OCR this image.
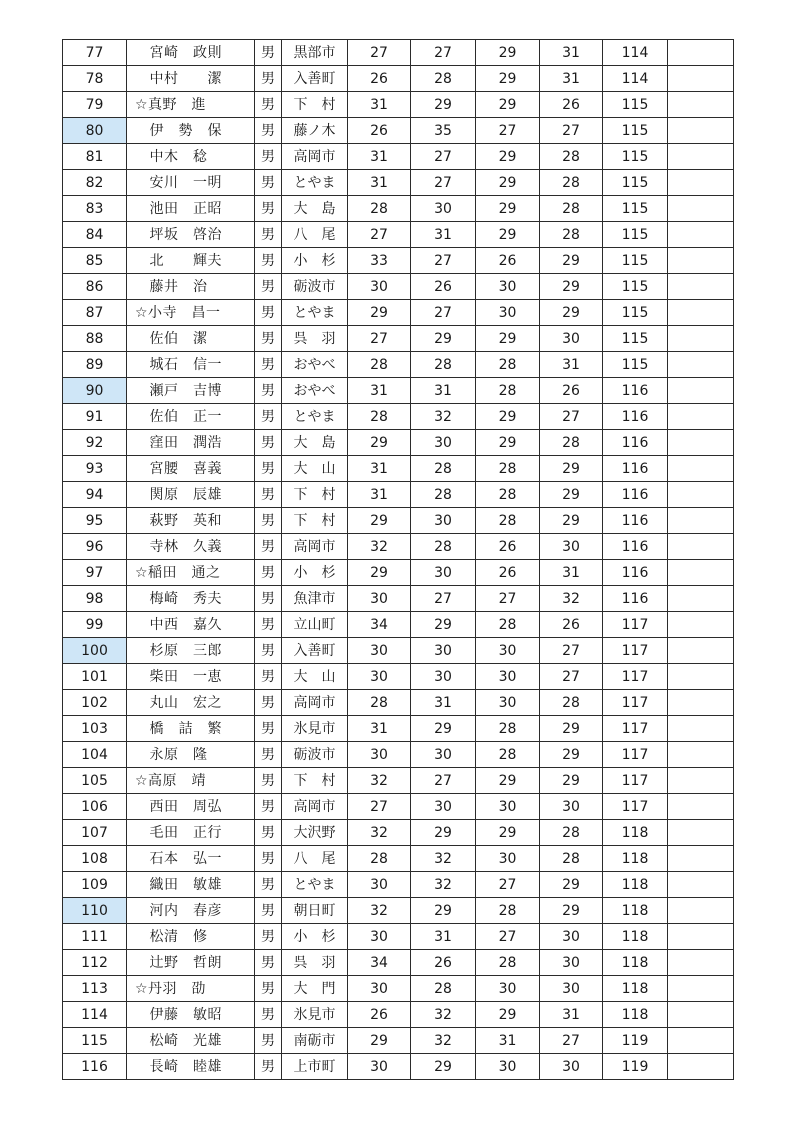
77	　宮崎　政則	男	黒部市	27	27	29	31	114	
78	　中村　　潔	男	入善町	26	28	29	31	114	
79	☆真野　進	男	下　村	31	29	29	26	115	
80	　伊　勢　保	男	藤ノ木	26	35	27	27	115	
81	　中木　稔	男	高岡市	31	27	29	28	115	
82	　安川　一明	男	とやま	31	27	29	28	115	
83	　池田　正昭	男	大　島	28	30	29	28	115	
84	　坪坂　啓治	男	八　尾	27	31	29	28	115	
85	　北　　輝夫	男	小　杉	33	27	26	29	115	
86	　藤井　治	男	砺波市	30	26	30	29	115	
87	☆小寺　昌一	男	とやま	29	27	30	29	115	
88	　佐伯　潔	男	呉　羽	27	29	29	30	115	
89	　城石　信一	男	おやべ	28	28	28	31	115	
90	　瀬戸　吉博	男	おやべ	31	31	28	26	116	
91	　佐伯　正一	男	とやま	28	32	29	27	116	
92	　窪田　潤浩	男	大　島	29	30	29	28	116	
93	　宮腰　喜義	男	大　山	31	28	28	29	116	
94	　関原　辰雄	男	下　村	31	28	28	29	116	
95	　萩野　英和	男	下　村	29	30	28	29	116	
96	　寺林　久義	男	高岡市	32	28	26	30	116	
97	☆稲田　通之	男	小　杉	29	30	26	31	116	
98	　梅崎　秀夫	男	魚津市	30	27	27	32	116	
99	　中西　嘉久	男	立山町	34	29	28	26	117	
100	　杉原　三郎	男	入善町	30	30	30	27	117	
101	　柴田　一恵	男	大　山	30	30	30	27	117	
102	　丸山　宏之	男	高岡市	28	31	30	28	117	
103	　橋　詰　繁	男	氷見市	31	29	28	29	117	
104	　永原　隆	男	砺波市	30	30	28	29	117	
105	☆高原　靖	男	下　村	32	27	29	29	117	
106	　西田　周弘	男	高岡市	27	30	30	30	117	
107	　毛田　正行	男	大沢野	32	29	29	28	118	
108	　石本　弘一	男	八　尾	28	32	30	28	118	
109	　織田　敏雄	男	とやま	30	32	27	29	118	
110	　河内　春彦	男	朝日町	32	29	28	29	118	
111	　松清　修	男	小　杉	30	31	27	30	118	
112	　辻野　哲朗	男	呉　羽	34	26	28	30	118	
113	☆丹羽　劭	男	大　門	30	28	30	30	118	
114	　伊藤　敏昭	男	氷見市	26	32	29	31	118	
115	　松崎　光雄	男	南砺市	29	32	31	27	119	
116	　長崎　睦雄	男	上市町	30	29	30	30	119	
